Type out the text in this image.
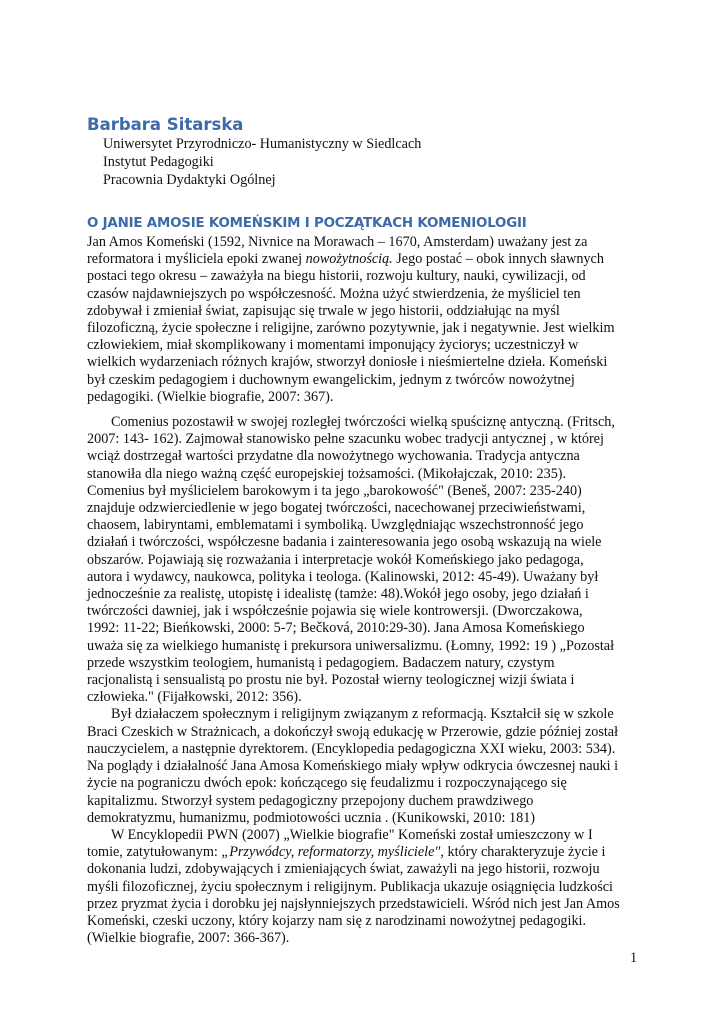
Barbara Sitarska
Uniwersytet Przyrodniczo- Humanistyczny w Siedlcach
Instytut Pedagogiki
Pracownia Dydaktyki Ogólnej
O JANIE AMOSIE KOMEŃSKIM I POCZĄTKACH KOMENIOLOGII

Jan Amos Komeński (1592, Nivnice na Morawach – 1670, Amsterdam) uważany jest za
reformatora i myśliciela epoki zwanej nowożytnością. Jego postać – obok innych sławnych
postaci tego okresu – zaważyła na biegu historii, rozwoju kultury, nauki, cywilizacji, od
czasów najdawniejszych po współczesność. Można użyć stwierdzenia, że myśliciel ten
zdobywał i zmieniał świat, zapisując się trwale w jego historii, oddziałując na myśl
filozoficzną, życie społeczne i religijne, zarówno pozytywnie, jak i negatywnie. Jest wielkim
człowiekiem, miał skomplikowany i momentami imponujący życiorys; uczestniczył w
wielkich wydarzeniach różnych krajów, stworzył doniosłe i nieśmiertelne dzieła. Komeński
był czeskim pedagogiem i duchownym ewangelickim, jednym z twórców nowożytnej
pedagogiki. (Wielkie biografie, 2007: 367).

Comenius pozostawił w swojej rozległej twórczości wielką spuściznę antyczną. (Fritsch,
2007: 143- 162). Zajmował stanowisko pełne szacunku wobec tradycji antycznej , w której
wciąż dostrzegał wartości przydatne dla nowożytnego wychowania. Tradycja antyczna
stanowiła dla niego ważną część europejskiej tożsamości. (Mikołajczak, 2010: 235).
Comenius był myślicielem barokowym i ta jego „barokowość" (Beneš, 2007: 235-240)
znajduje odzwierciedlenie w jego bogatej twórczości, nacechowanej przeciwieństwami,
chaosem, labiryntami, emblematami i symboliką. Uwzględniając wszechstronność jego
działań i twórczości, współczesne badania i zainteresowania jego osobą wskazują na wiele
obszarów. Pojawiają się rozważania i interpretacje wokół Komeńskiego jako pedagoga,
autora i wydawcy, naukowca, polityka i teologa. (Kalinowski, 2012: 45-49). Uważany był
jednocześnie za realistę, utopistę i idealistę (tamże: 48).Wokół jego osoby, jego działań i
twórczości dawniej, jak i współcześnie pojawia się wiele kontrowersji. (Dworczakowa,
1992: 11-22; Bieńkowski, 2000: 5-7; Bečková, 2010:29-30). Jana Amosa Komeńskiego
uważa się za wielkiego humanistę i prekursora uniwersalizmu. (Łomny, 1992: 19 ) „Pozostał
przede wszystkim teologiem, humanistą i pedagogiem. Badaczem natury, czystym
racjonalistą i sensualistą po prostu nie był. Pozostał wierny teologicznej wizji świata i
człowieka." (Fijałkowski, 2012: 356).

Był działaczem społecznym i religijnym związanym z reformacją. Kształcił się w szkole
Braci Czeskich w Strażnicach, a dokończył swoją edukację w Przerowie, gdzie później został
nauczycielem, a następnie dyrektorem. (Encyklopedia pedagogiczna XXI wieku, 2003: 534).
Na poglądy i działalność Jana Amosa Komeńskiego miały wpływ odkrycia ówczesnej nauki i
życie na pograniczu dwóch epok: kończącego się feudalizmu i rozpoczynającego się
kapitalizmu. Stworzył system pedagogiczny przepojony duchem prawdziwego
demokratyzmu, humanizmu, podmiotowości ucznia . (Kunikowski, 2010: 181)

W Encyklopedii PWN (2007) „Wielkie biografie" Komeński został umieszczony w I
tomie, zatytułowanym: „Przywódcy, reformatorzy, myśliciele", który charakteryzuje życie i
dokonania ludzi, zdobywających i zmieniających świat, zaważyli na jego historii, rozwoju
myśli filozoficznej, życiu społecznym i religijnym. Publikacja ukazuje osiągnięcia ludzkości
przez pryzmat życia i dorobku jej najsłynniejszych przedstawicieli. Wśród nich jest Jan Amos
Komeński, czeski uczony, który kojarzy nam się z narodzinami nowożytnej pedagogiki.
(Wielkie biografie, 2007: 366-367).

1
